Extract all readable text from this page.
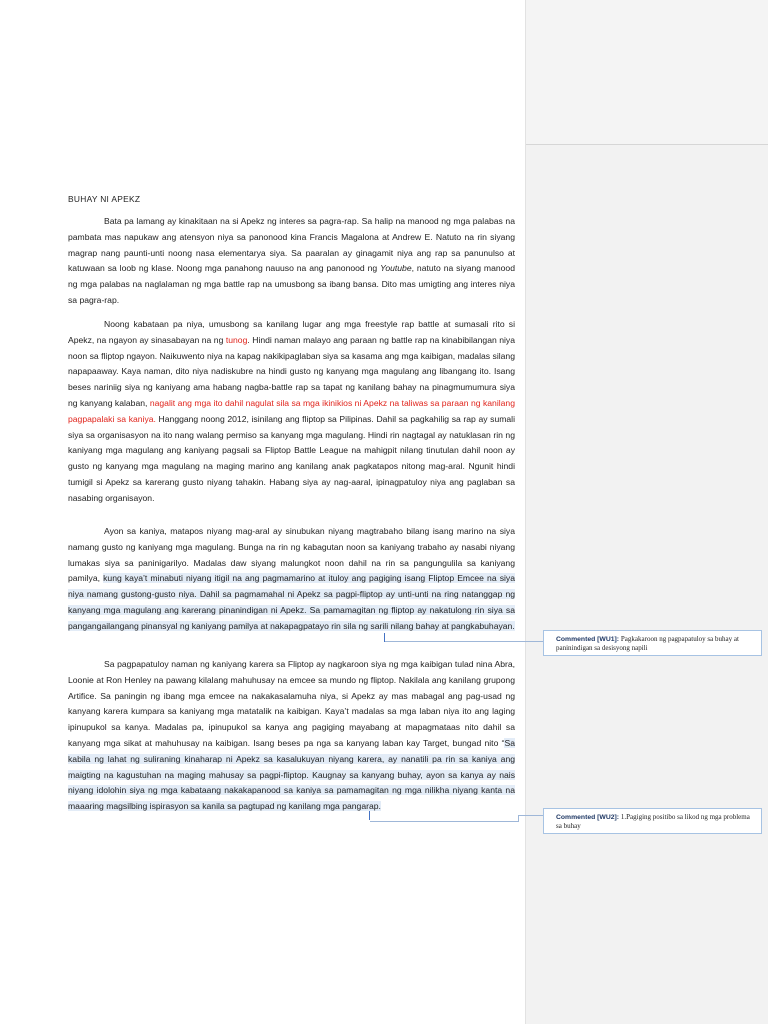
BUHAY NI APEKZ

Bata pa lamang ay kinakitaan na si Apekz ng interes sa pagra-rap. Sa halip na manood ng mga palabas na pambata mas napukaw ang atensyon niya sa panonood kina Francis Magalona at Andrew E. Natuto na rin siyang magrap nang paunti-unti noong nasa elementarya siya. Sa paaralan ay ginagamit niya ang rap sa panunulso at katuwaan sa loob ng klase. Noong mga panahong nauuso na ang panonood ng Youtube, natuto na siyang manood ng mga palabas na naglalaman ng mga battle rap na umusbong sa ibang bansa. Dito mas umigting ang interes niya sa pagra-rap.

Noong kabataan pa niya, umusbong sa kanilang lugar ang mga freestyle rap battle at sumasali rito si Apekz, na ngayon ay sinasabayan na ng tunog. Hindi naman malayo ang paraan ng battle rap na kinabibilangan niya noon sa fliptop ngayon. Naikuwento niya na kapag nakikipaglaban siya sa kasama ang mga kaibigan, madalas silang napapaaway. Kaya naman, dito niya nadiskubre na hindi gusto ng kanyang mga magulang ang libangang ito. Isang beses nariniig siya ng kaniyang ama habang nagba-battle rap sa tapat ng kanilang bahay na pinagmumumura siya ng kanyang kalaban, nagalit ang mga ito dahil nagulat sila sa mga ikinikios ni Apekz na taliwas sa paraan ng kanilang pagpapalaki sa kaniya. Hanggang noong 2012, isinilang ang fliptop sa Pilipinas. Dahil sa pagkahilig sa rap ay sumali siya sa organisasyon na ito nang walang permiso sa kanyang mga magulang. Hindi rin nagtagal ay natuklasan rin ng kaniyang mga magulang ang kaniyang pagsali sa Fliptop Battle League na mahigpit nilang tinutulan dahil noon ay gusto ng kanyang mga magulang na maging marino ang kanilang anak pagkatapos nitong mag-aral. Ngunit hindi tumigil si Apekz sa karerang gusto niyang tahakin. Habang siya ay nag-aaral, ipinagpatuloy niya ang paglaban sa nasabing organisayon.

Ayon sa kaniya, matapos niyang mag-aral ay sinubukan niyang magtrabaho bilang isang marino na siya namang gusto ng kaniyang mga magulang. Bunga na rin ng kabagutan noon sa kaniyang trabaho ay nasabi niyang lumakas siya sa paninigarilyo. Madalas daw siyang malungkot noon dahil na rin sa pangungulila sa kaniyang pamilya, kung kaya’t minabuti niyang itigil na ang pagmamarino at ituloy ang pagiging isang Fliptop Emcee na siya niya namang gustong-gusto niya. Dahil sa pagmamahal ni Apekz sa pagpi-fliptop ay unti-unti na ring natanggap ng kanyang mga magulang ang karerang pinanindigan ni Apekz. Sa pamamagitan ng fliptop ay nakatulong rin siya sa pangangailangang pinansyal ng kaniyang pamilya at nakapagpatayo rin sila ng sarili nilang bahay at pangkabuhayan.

Sa pagpapatuloy naman ng kaniyang karera sa Fliptop ay nagkaroon siya ng mga kaibigan tulad nina Abra, Loonie at Ron Henley na pawang kilalang mahuhusay na emcee sa mundo ng fliptop. Nakilala ang kanilang grupong Artifice. Sa paningin ng ibang mga emcee na nakakasalamuha niya, si Apekz ay mas mabagal ang pag-usad ng kanyang karera kumpara sa kaniyang mga matatalik na kaibigan. Kaya’t madalas sa mga laban niya ito ang laging ipinupukol sa kanya. Madalas pa, ipinupukol sa kanya ang pagiging mayabang at mapagmataas nito dahil sa kanyang mga sikat at mahuhusay na kaibigan. Isang beses pa nga sa kanyang laban kay Target, bungad nito “Sa kabila ng lahat ng suliraning kinaharap ni Apekz sa kasalukuyan niyang karera, ay nanatili pa rin sa kaniya ang maigting na kagustuhan na maging mahusay sa pagpi-fliptop. Kaugnay sa kanyang buhay, ayon sa kanya ay nais niyang idolohin siya ng mga kabataang nakakapanood sa kaniya sa pamamagitan ng mga nilikha niyang kanta na maaaring magsilbing ispirasyon sa kanila sa pagtupad ng kanilang mga pangarap.

Commented [WU1]: Pagkakaroon ng pagpapatuloy sa buhay at paninindigan sa desisyong napili
Commented [WU2]: 1.Pagiging positibo sa likod ng mga problema sa buhay
